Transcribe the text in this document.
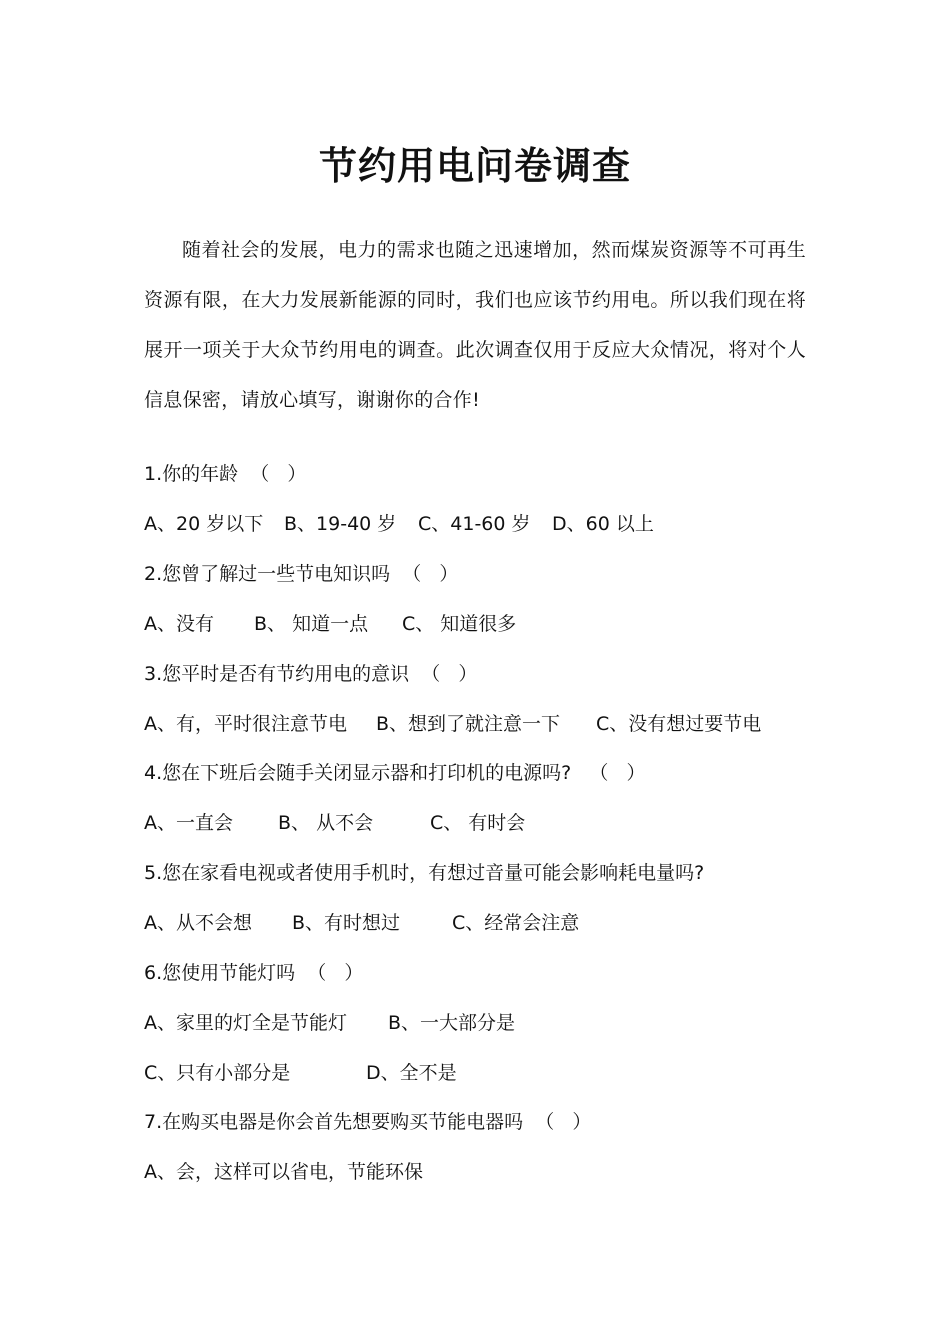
节约用电问卷调查
随着社会的发展，电力的需求也随之迅速增加，然而煤炭资源等不可再生资源有限，在大力发展新能源的同时，我们也应该节约用电。所以我们现在将展开一项关于大众节约用电的调查。此次调查仅用于反应大众情况，将对个人信息保密，请放心填写，谢谢你的合作!
1.你的年龄  （   ）

A、20 岁以下

B、19-40 岁

C、41-60 岁

D、60 以上

2.您曾了解过一些节电知识吗  （   ）

A、没有

B、 知道一点

C、 知道很多

3.您平时是否有节约用电的意识  （   ）

A、有，平时很注意节电

B、想到了就注意一下

C、没有想过要节电

4.您在下班后会随手关闭显示器和打印机的电源吗?   （   ）

A、一直会

B、 从不会

	C、 有时会

5.您在家看电视或者使用手机时，有想过音量可能会影响耗电量吗?

A、从不会想

B、有时想过

	C、经常会注意

6.您使用节能灯吗  （   ）

A、家里的灯全是节能灯

B、一大部分是

C、只有小部分是

	D、全不是

7.在购买电器是你会首先想要购买节能电器吗  （   ）

A、会，这样可以省电，节能环保
